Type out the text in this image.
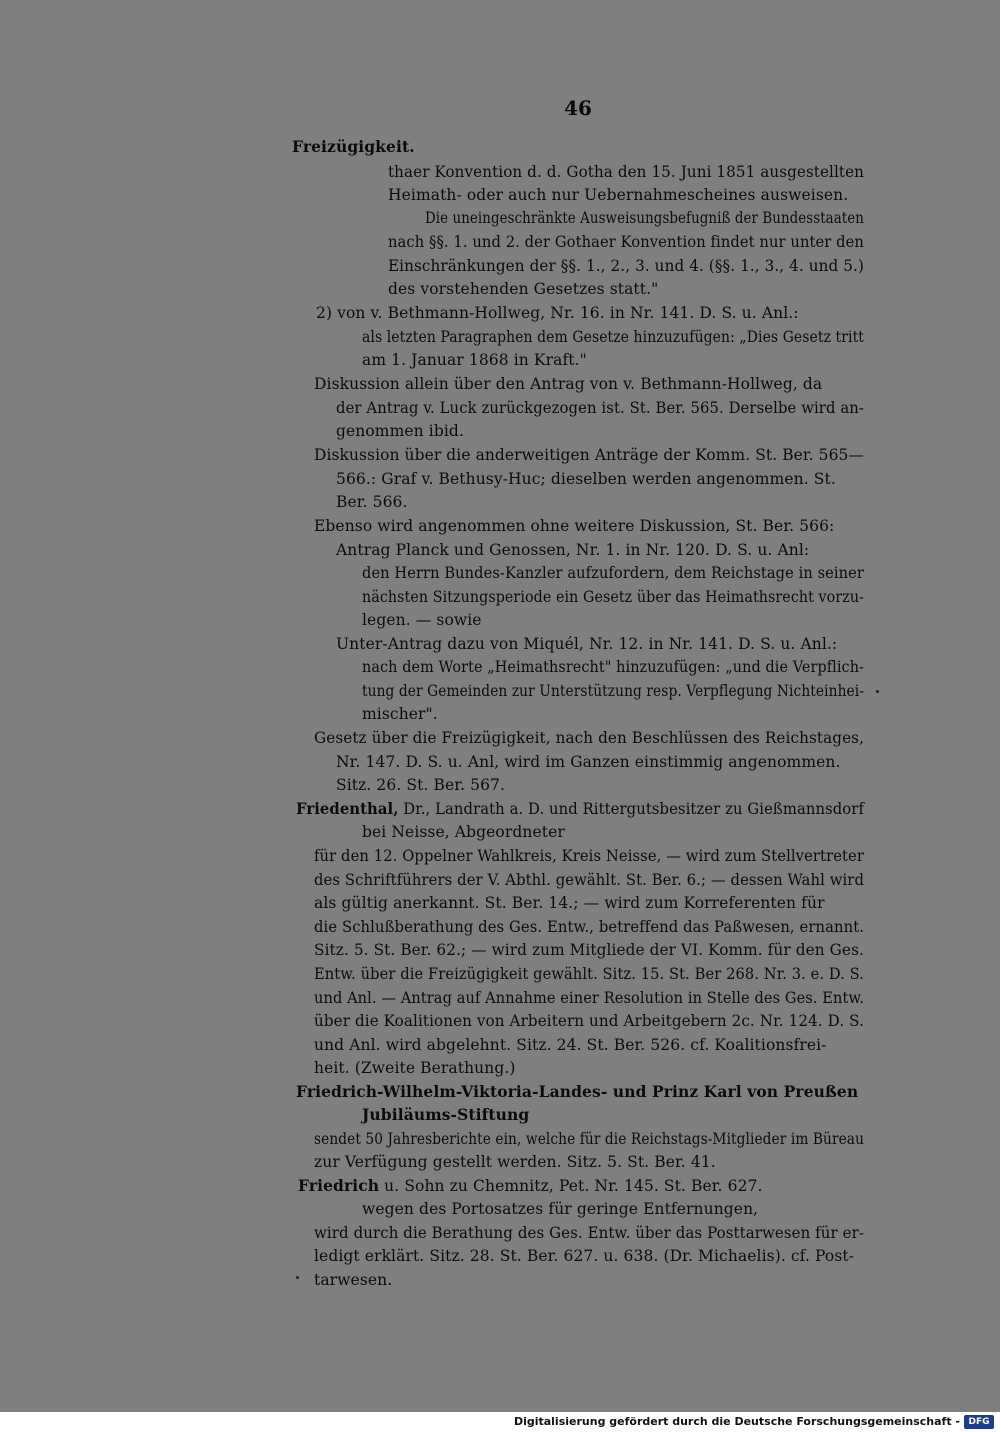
46
Freizügigkeit.
thaer Konvention d. d. Gotha den 15. Juni 1851 ausgestellten
Heimath- oder auch nur Uebernahmescheines ausweisen.
Die uneingeschränkte Ausweisungsbefugniß der Bundesstaaten
nach §§. 1. und 2. der Gothaer Konvention findet nur unter den
Einschränkungen der §§. 1., 2., 3. und 4. (§§. 1., 3., 4. und 5.)
des vorstehenden Gesetzes statt."
2) von v. Bethmann-Hollweg, Nr. 16. in Nr. 141. D. S. u. Anl.:
als letzten Paragraphen dem Gesetze hinzuzufügen: „Dies Gesetz tritt
am 1. Januar 1868 in Kraft."
Diskussion allein über den Antrag von v. Bethmann-Hollweg, da
der Antrag v. Luck zurückgezogen ist. St. Ber. 565. Derselbe wird an-
genommen ibid.
Diskussion über die anderweitigen Anträge der Komm. St. Ber. 565—
566.: Graf v. Bethusy-Huc; dieselben werden angenommen. St.
Ber. 566.
Ebenso wird angenommen ohne weitere Diskussion, St. Ber. 566:
Antrag Planck und Genossen, Nr. 1. in Nr. 120. D. S. u. Anl:
den Herrn Bundes-Kanzler aufzufordern, dem Reichstage in seiner
nächsten Sitzungsperiode ein Gesetz über das Heimathsrecht vorzu-
legen. — sowie
Unter-Antrag dazu von Miquél, Nr. 12. in Nr. 141. D. S. u. Anl.:
nach dem Worte „Heimathsrecht" hinzuzufügen: „und die Verpflich-
tung der Gemeinden zur Unterstützung resp. Verpflegung Nichteinhei-
mischer".
Gesetz über die Freizügigkeit, nach den Beschlüssen des Reichstages,
Nr. 147. D. S. u. Anl, wird im Ganzen einstimmig angenommen.
Sitz. 26. St. Ber. 567.
Friedenthal, Dr., Landrath a. D. und Rittergutsbesitzer zu Gießmannsdorf
bei Neisse, Abgeordneter
für den 12. Oppelner Wahlkreis, Kreis Neisse, — wird zum Stellvertreter
des Schriftführers der V. Abthl. gewählt. St. Ber. 6.; — dessen Wahl wird
als gültig anerkannt. St. Ber. 14.; — wird zum Korreferenten für
die Schlußberathung des Ges. Entw., betreffend das Paßwesen, ernannt.
Sitz. 5. St. Ber. 62.; — wird zum Mitgliede der VI. Komm. für den Ges.
Entw. über die Freizügigkeit gewählt. Sitz. 15. St. Ber 268. Nr. 3. e. D. S.
und Anl. — Antrag auf Annahme einer Resolution in Stelle des Ges. Entw.
über die Koalitionen von Arbeitern und Arbeitgebern 2c. Nr. 124. D. S.
und Anl. wird abgelehnt. Sitz. 24. St. Ber. 526. cf. Koalitionsfrei-
heit. (Zweite Berathung.)
Friedrich-Wilhelm-Viktoria-Landes- und Prinz Karl von Preußen
Jubiläums-Stiftung
sendet 50 Jahresberichte ein, welche für die Reichstags-Mitglieder im Büreau
zur Verfügung gestellt werden. Sitz. 5. St. Ber. 41.
Friedrich u. Sohn zu Chemnitz, Pet. Nr. 145. St. Ber. 627.
wegen des Portosatzes für geringe Entfernungen,
wird durch die Berathung des Ges. Entw. über das Posttarwesen für er-
ledigt erklärt. Sitz. 28. St. Ber. 627. u. 638. (Dr. Michaelis). cf. Post-
tarwesen.
Digitalisierung gefördert durch die Deutsche Forschungsgemeinschaft - DFG
